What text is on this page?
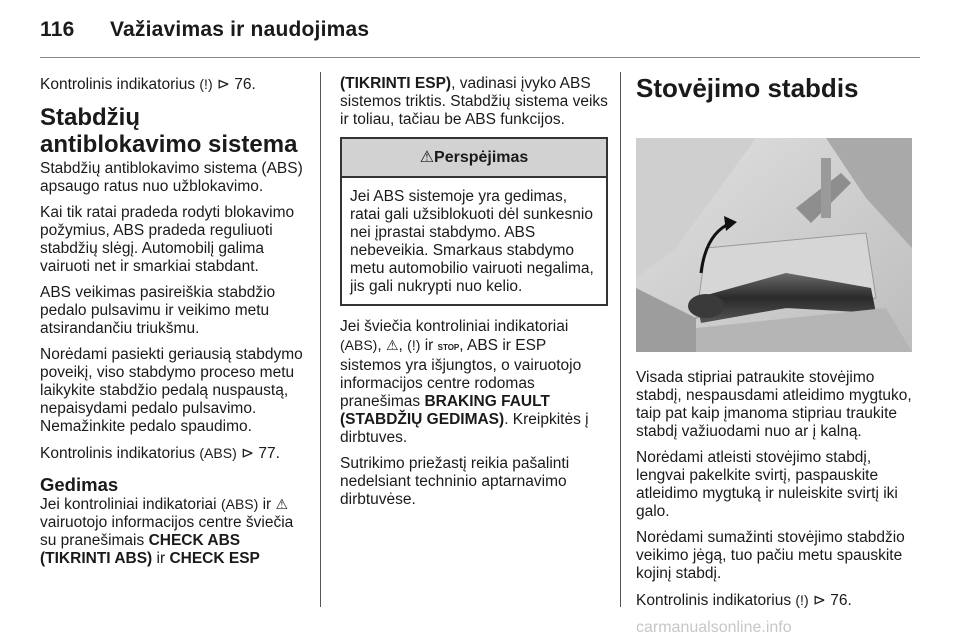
116 Važiavimas ir naudojimas

Kontrolinis indikatorius (!) ⊳ 76.

Stabdžių antiblokavimo sistema

Stabdžių antiblokavimo sistema (ABS) apsaugo ratus nuo užblokavimo.

Kai tik ratai pradeda rodyti blokavimo požymius, ABS pradeda reguliuoti stabdžių slėgį. Automobilį galima vairuoti net ir smarkiai stabdant.

ABS veikimas pasireiškia stabdžio pedalo pulsavimu ir veikimo metu atsirandančiu triukšmu.

Norėdami pasiekti geriausią stabdymo poveikį, viso stabdymo proceso metu laikykite stabdžio pedalą nuspaustą, nepaisydami pedalo pulsavimo. Nemažinkite pedalo spaudimo.

Kontrolinis indikatorius (ABS) ⊳ 77.

Gedimas

Jei kontroliniai indikatoriai (ABS) ir ⚠ vairuotojo informacijos centre šviečia su pranešimais CHECK ABS (TIKRINTI ABS) ir CHECK ESP

(TIKRINTI ESP), vadinasi įvyko ABS sistemos triktis. Stabdžių sistema veiks ir toliau, tačiau be ABS funkcijos.

⚠Perspėjimas
Jei ABS sistemoje yra gedimas, ratai gali užsiblokuoti dėl sunkesnio nei įprastai stabdymo. ABS nebeveikia. Smarkaus stabdymo metu automobilio vairuoti negalima, jis gali nukrypti nuo kelio.

Jei šviečia kontroliniai indikatoriai (ABS), ⚠, (!) ir STOP, ABS ir ESP sistemos yra išjungtos, o vairuotojo informacijos centre rodomas pranešimas BRAKING FAULT (STABDŽIŲ GEDIMAS). Kreipkitės į dirbtuves.

Sutrikimo priežastį reikia pašalinti nedelsiant techninio aptarnavimo dirbtuvėse.

Stovėjimo stabdis

Visada stipriai patraukite stovėjimo stabdį, nespausdami atleidimo mygtuko, taip pat kaip įmanoma stipriau traukite stabdį važiuodami nuo ar į kalną.

Norėdami atleisti stovėjimo stabdį, lengvai pakelkite svirtį, paspauskite atleidimo mygtuką ir nuleiskite svirtį iki galo.

Norėdami sumažinti stovėjimo stabdžio veikimo jėgą, tuo pačiu metu spauskite kojinį stabdį.

Kontrolinis indikatorius (!) ⊳ 76.

carmanualsonline.info
